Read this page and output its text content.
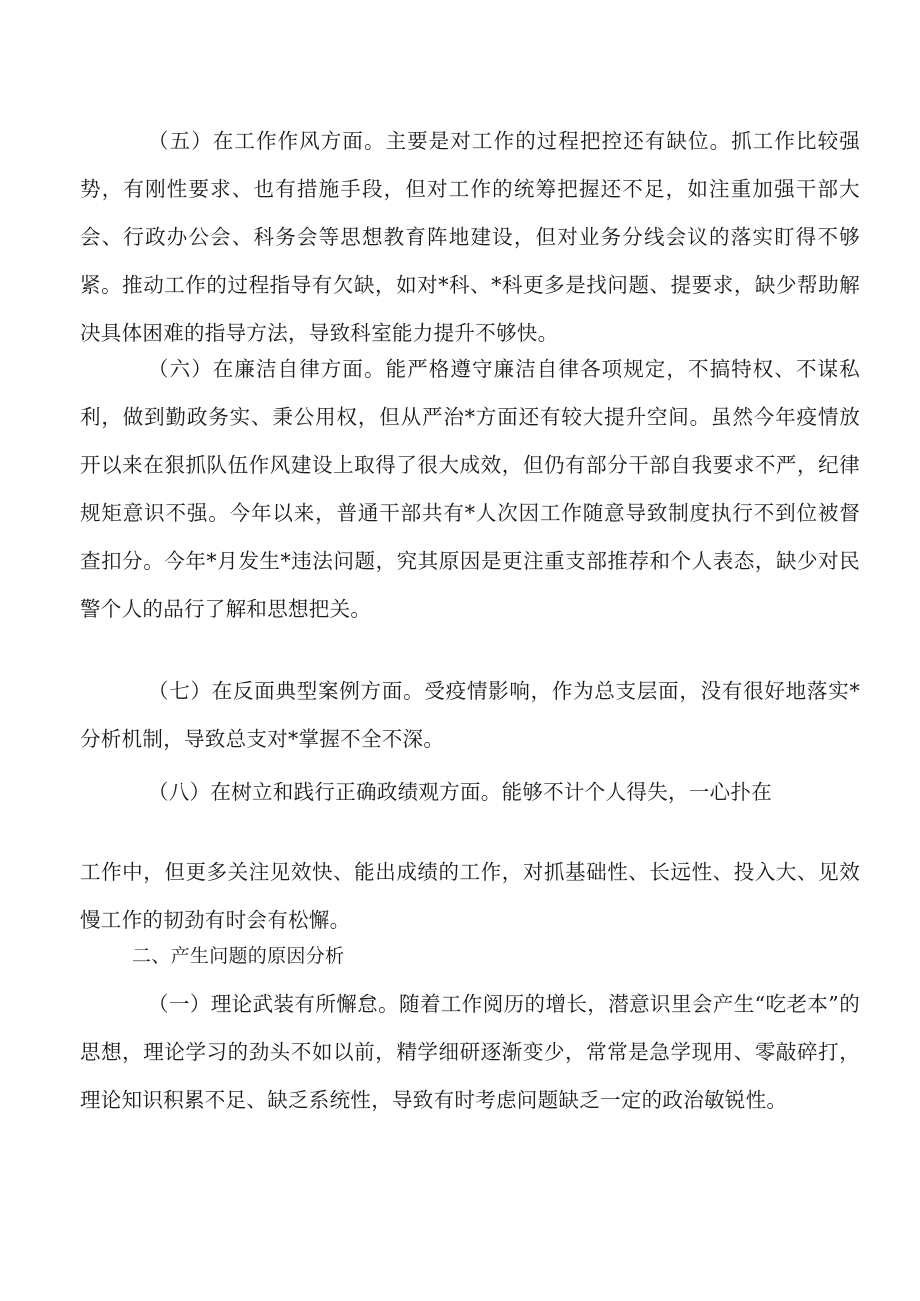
（五）在工作作风方面。主要是对工作的过程把控还有缺位。抓工作比较强势，有刚性要求、也有措施手段，但对工作的统筹把握还不足，如注重加强干部大会、行政办公会、科务会等思想教育阵地建设，但对业务分线会议的落实盯得不够紧。推动工作的过程指导有欠缺，如对*科、*科更多是找问题、提要求，缺少帮助解决具体困难的指导方法，导致科室能力提升不够快。

（六）在廉洁自律方面。能严格遵守廉洁自律各项规定，不搞特权、不谋私利，做到勤政务实、秉公用权，但从严治*方面还有较大提升空间。虽然今年疫情放开以来在狠抓队伍作风建设上取得了很大成效，但仍有部分干部自我要求不严，纪律规矩意识不强。今年以来，普通干部共有*人次因工作随意导致制度执行不到位被督查扣分。今年*月发生*违法问题，究其原因是更注重支部推荐和个人表态，缺少对民警个人的品行了解和思想把关。

（七）在反面典型案例方面。受疫情影响，作为总支层面，没有很好地落实*分析机制，导致总支对*掌握不全不深。

（八）在树立和践行正确政绩观方面。能够不计个人得失，一心扑在

工作中，但更多关注见效快、能出成绩的工作，对抓基础性、长远性、投入大、见效慢工作的韧劲有时会有松懈。

二、产生问题的原因分析

（一）理论武装有所懈怠。随着工作阅历的增长，潜意识里会产生“吃老本”的思想，理论学习的劲头不如以前，精学细研逐渐变少，常常是急学现用、零敲碎打，理论知识积累不足、缺乏系统性，导致有时考虑问题缺乏一定的政治敏锐性。
